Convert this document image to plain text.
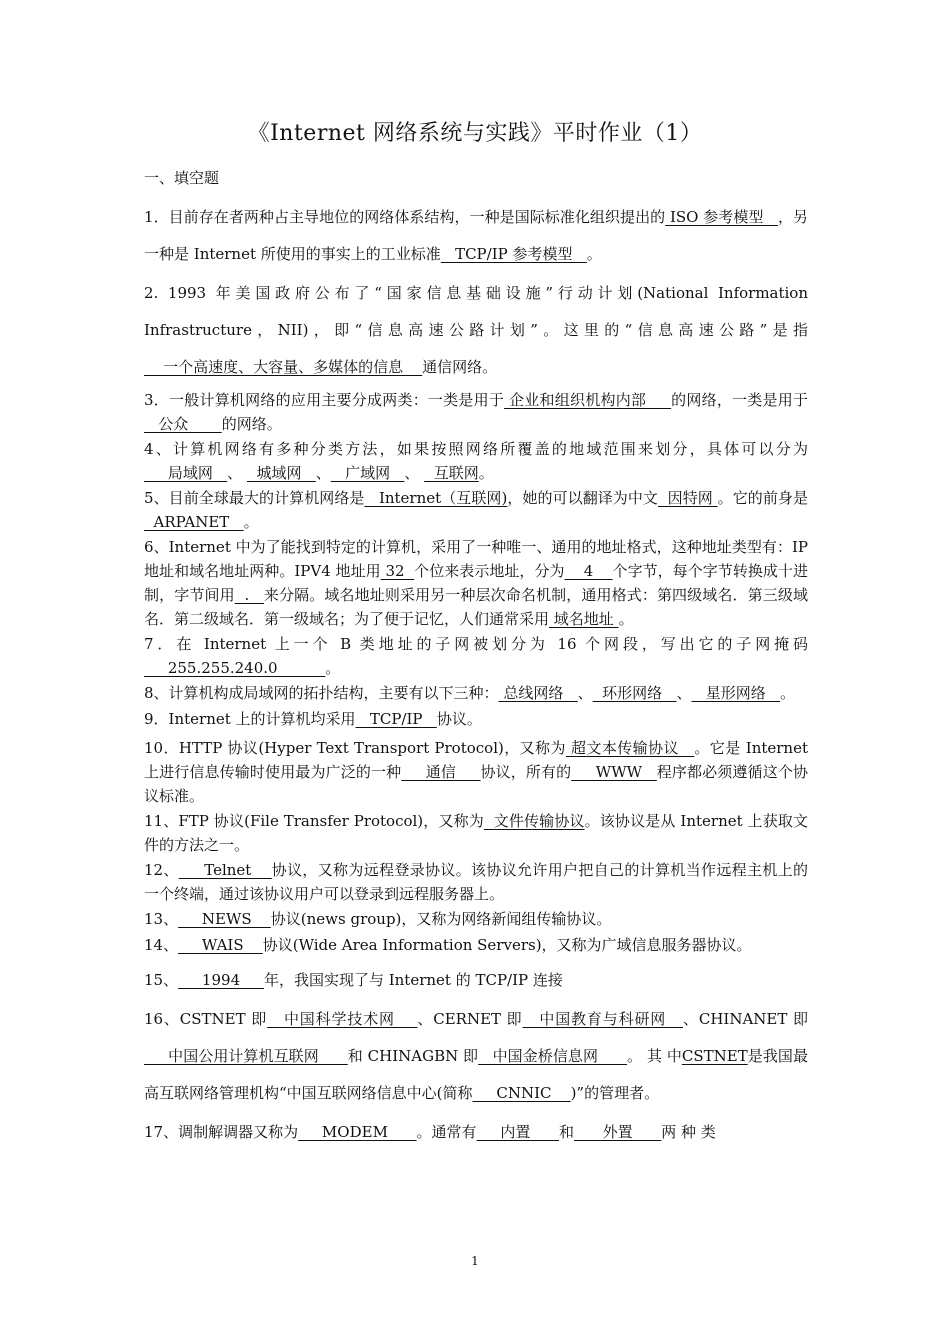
《Internet 网络系统与实践》平时作业（1）
一、填空题

1．目前存在者两种占主导地位的网络体系结构，一种是国际标准化组织提出的 ISO 参考模型   ，另一种是 Internet 所使用的事实上的工业标准   TCP/IP 参考模型   。

2. 1993 年美国政府公布了“国家信息基础设施”行动计划(National Information Infrastructure，NII)，即“信息高速公路计划”。这里的“信息高速公路”是指    一个高速度、大容量、多媒体的信息    通信网络。

3．一般计算机网络的应用主要分成两类：一类是用于 企业和组织机构内部     的网络，一类是用于   公众       的网络。

4、计算机网络有多种分类方法，如果按照网络所覆盖的地域范围来划分，具体可以分为     局域网   、   城域网   、   广域网   、   互联网。

5、目前全球最大的计算机网络是   Internet（互联网)，她的可以翻译为中文  因特网 。它的前身是  ARPANET   。

6、Internet 中为了能找到特定的计算机，采用了一种唯一、通用的地址格式，这种地址类型有：IP 地址和域名地址两种。IPV4 地址用 32  个位来表示地址，分为    4    个字节，每个字节转换成十进制，字节间用  .   来分隔。域名地址则采用另一种层次命名机制，通用格式：第四级域名．第三级域名．第二级域名．第一级域名；为了便于记忆，人们通常采用 域名地址 。

7．在 Internet 上一个 B 类地址的子网被划分为 16 个网段，写出它的子网掩码     255.255.240.0          。

8、计算机构成局域网的拓扑结构，主要有以下三种： 总线网络   、  环形网络   、   星形网络   。

9．Internet 上的计算机均采用   TCP/IP   协议。

10．HTTP 协议(Hyper Text Transport Protocol)，又称为 超文本传输协议   。它是 Internet 上进行信息传输时使用最为广泛的一种     通信     协议，所有的     WWW   程序都必须遵循这个协议标准。

11、FTP 协议(File Transfer Protocol)，又称为  文件传输协议。该协议是从 Internet 上获取文件的方法之一。

12、     Telnet    协议，又称为远程登录协议。该协议允许用户把自己的计算机当作远程主机上的一个终端，通过该协议用户可以登录到远程服务器上。

13、     NEWS    协议(news group)，又称为网络新闻组传输协议。

14、     WAIS    协议(Wide Area Information Servers)，又称为广域信息服务器协议。

15、     1994     年，我国实现了与 Internet 的 TCP/IP 连接

16、CSTNET 即   中国科学技术网    、CERNET 即   中国教育与科研网   、CHINANET 即     中国公用计算机互联网      和 CHINAGBN 即   中国金桥信息网      。 其 中CSTNET是我国最高互联网络管理机构“中国互联网络信息中心(简称     CNNIC    )”的管理者。

17、调制解调器又称为     MODEM      。通常有     内置      和      外置      两 种 类

1
